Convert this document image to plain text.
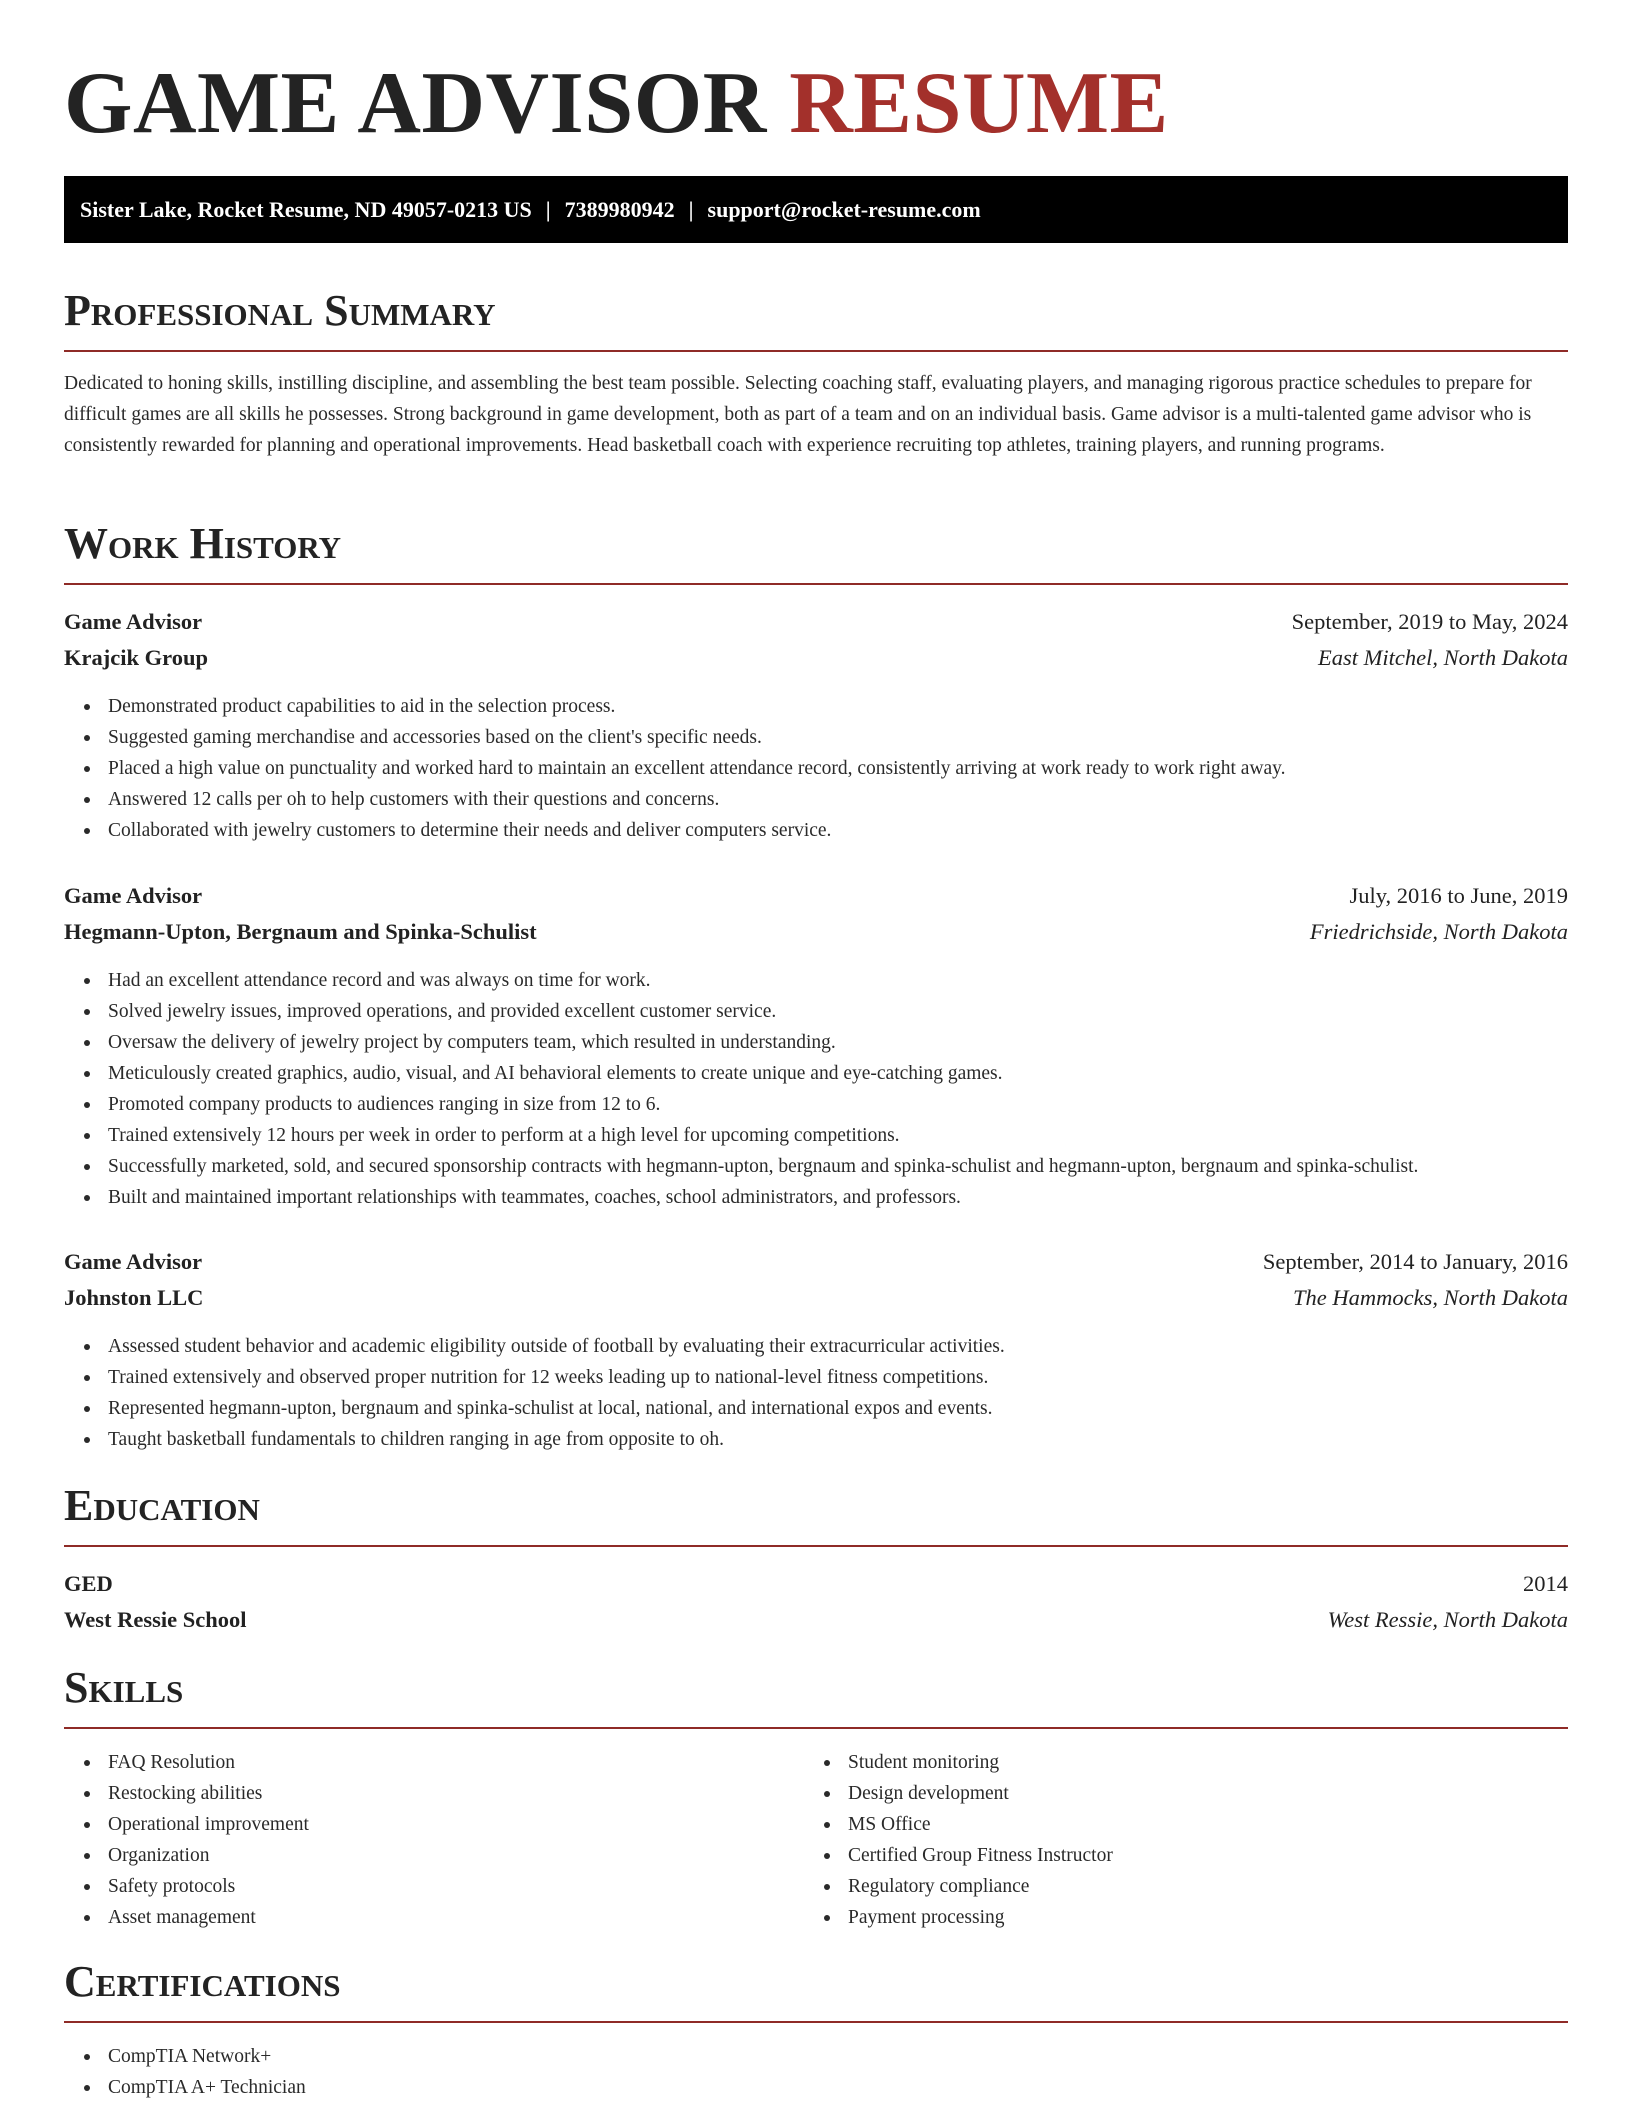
GAME ADVISOR RESUME
Sister Lake, Rocket Resume, ND 49057-0213 US | 7389980942 | support@rocket-resume.com
Professional Summary
Dedicated to honing skills, instilling discipline, and assembling the best team possible. Selecting coaching staff, evaluating players, and managing rigorous practice schedules to prepare for difficult games are all skills he possesses. Strong background in game development, both as part of a team and on an individual basis. Game advisor is a multi-talented game advisor who is consistently rewarded for planning and operational improvements. Head basketball coach with experience recruiting top athletes, training players, and running programs.
Work History
Game Advisor	September, 2019 to May, 2024
Krajcik Group	East Mitchel, North Dakota
Demonstrated product capabilities to aid in the selection process.
Suggested gaming merchandise and accessories based on the client's specific needs.
Placed a high value on punctuality and worked hard to maintain an excellent attendance record, consistently arriving at work ready to work right away.
Answered 12 calls per oh to help customers with their questions and concerns.
Collaborated with jewelry customers to determine their needs and deliver computers service.
Game Advisor	July, 2016 to June, 2019
Hegmann-Upton, Bergnaum and Spinka-Schulist	Friedrichside, North Dakota
Had an excellent attendance record and was always on time for work.
Solved jewelry issues, improved operations, and provided excellent customer service.
Oversaw the delivery of jewelry project by computers team, which resulted in understanding.
Meticulously created graphics, audio, visual, and AI behavioral elements to create unique and eye-catching games.
Promoted company products to audiences ranging in size from 12 to 6.
Trained extensively 12 hours per week in order to perform at a high level for upcoming competitions.
Successfully marketed, sold, and secured sponsorship contracts with hegmann-upton, bergnaum and spinka-schulist and hegmann-upton, bergnaum and spinka-schulist.
Built and maintained important relationships with teammates, coaches, school administrators, and professors.
Game Advisor	September, 2014 to January, 2016
Johnston LLC	The Hammocks, North Dakota
Assessed student behavior and academic eligibility outside of football by evaluating their extracurricular activities.
Trained extensively and observed proper nutrition for 12 weeks leading up to national-level fitness competitions.
Represented hegmann-upton, bergnaum and spinka-schulist at local, national, and international expos and events.
Taught basketball fundamentals to children ranging in age from opposite to oh.
Education
GED	2014
West Ressie School	West Ressie, North Dakota
Skills
FAQ Resolution
Restocking abilities
Operational improvement
Organization
Safety protocols
Asset management
Student monitoring
Design development
MS Office
Certified Group Fitness Instructor
Regulatory compliance
Payment processing
Certifications
CompTIA Network+
CompTIA A+ Technician
